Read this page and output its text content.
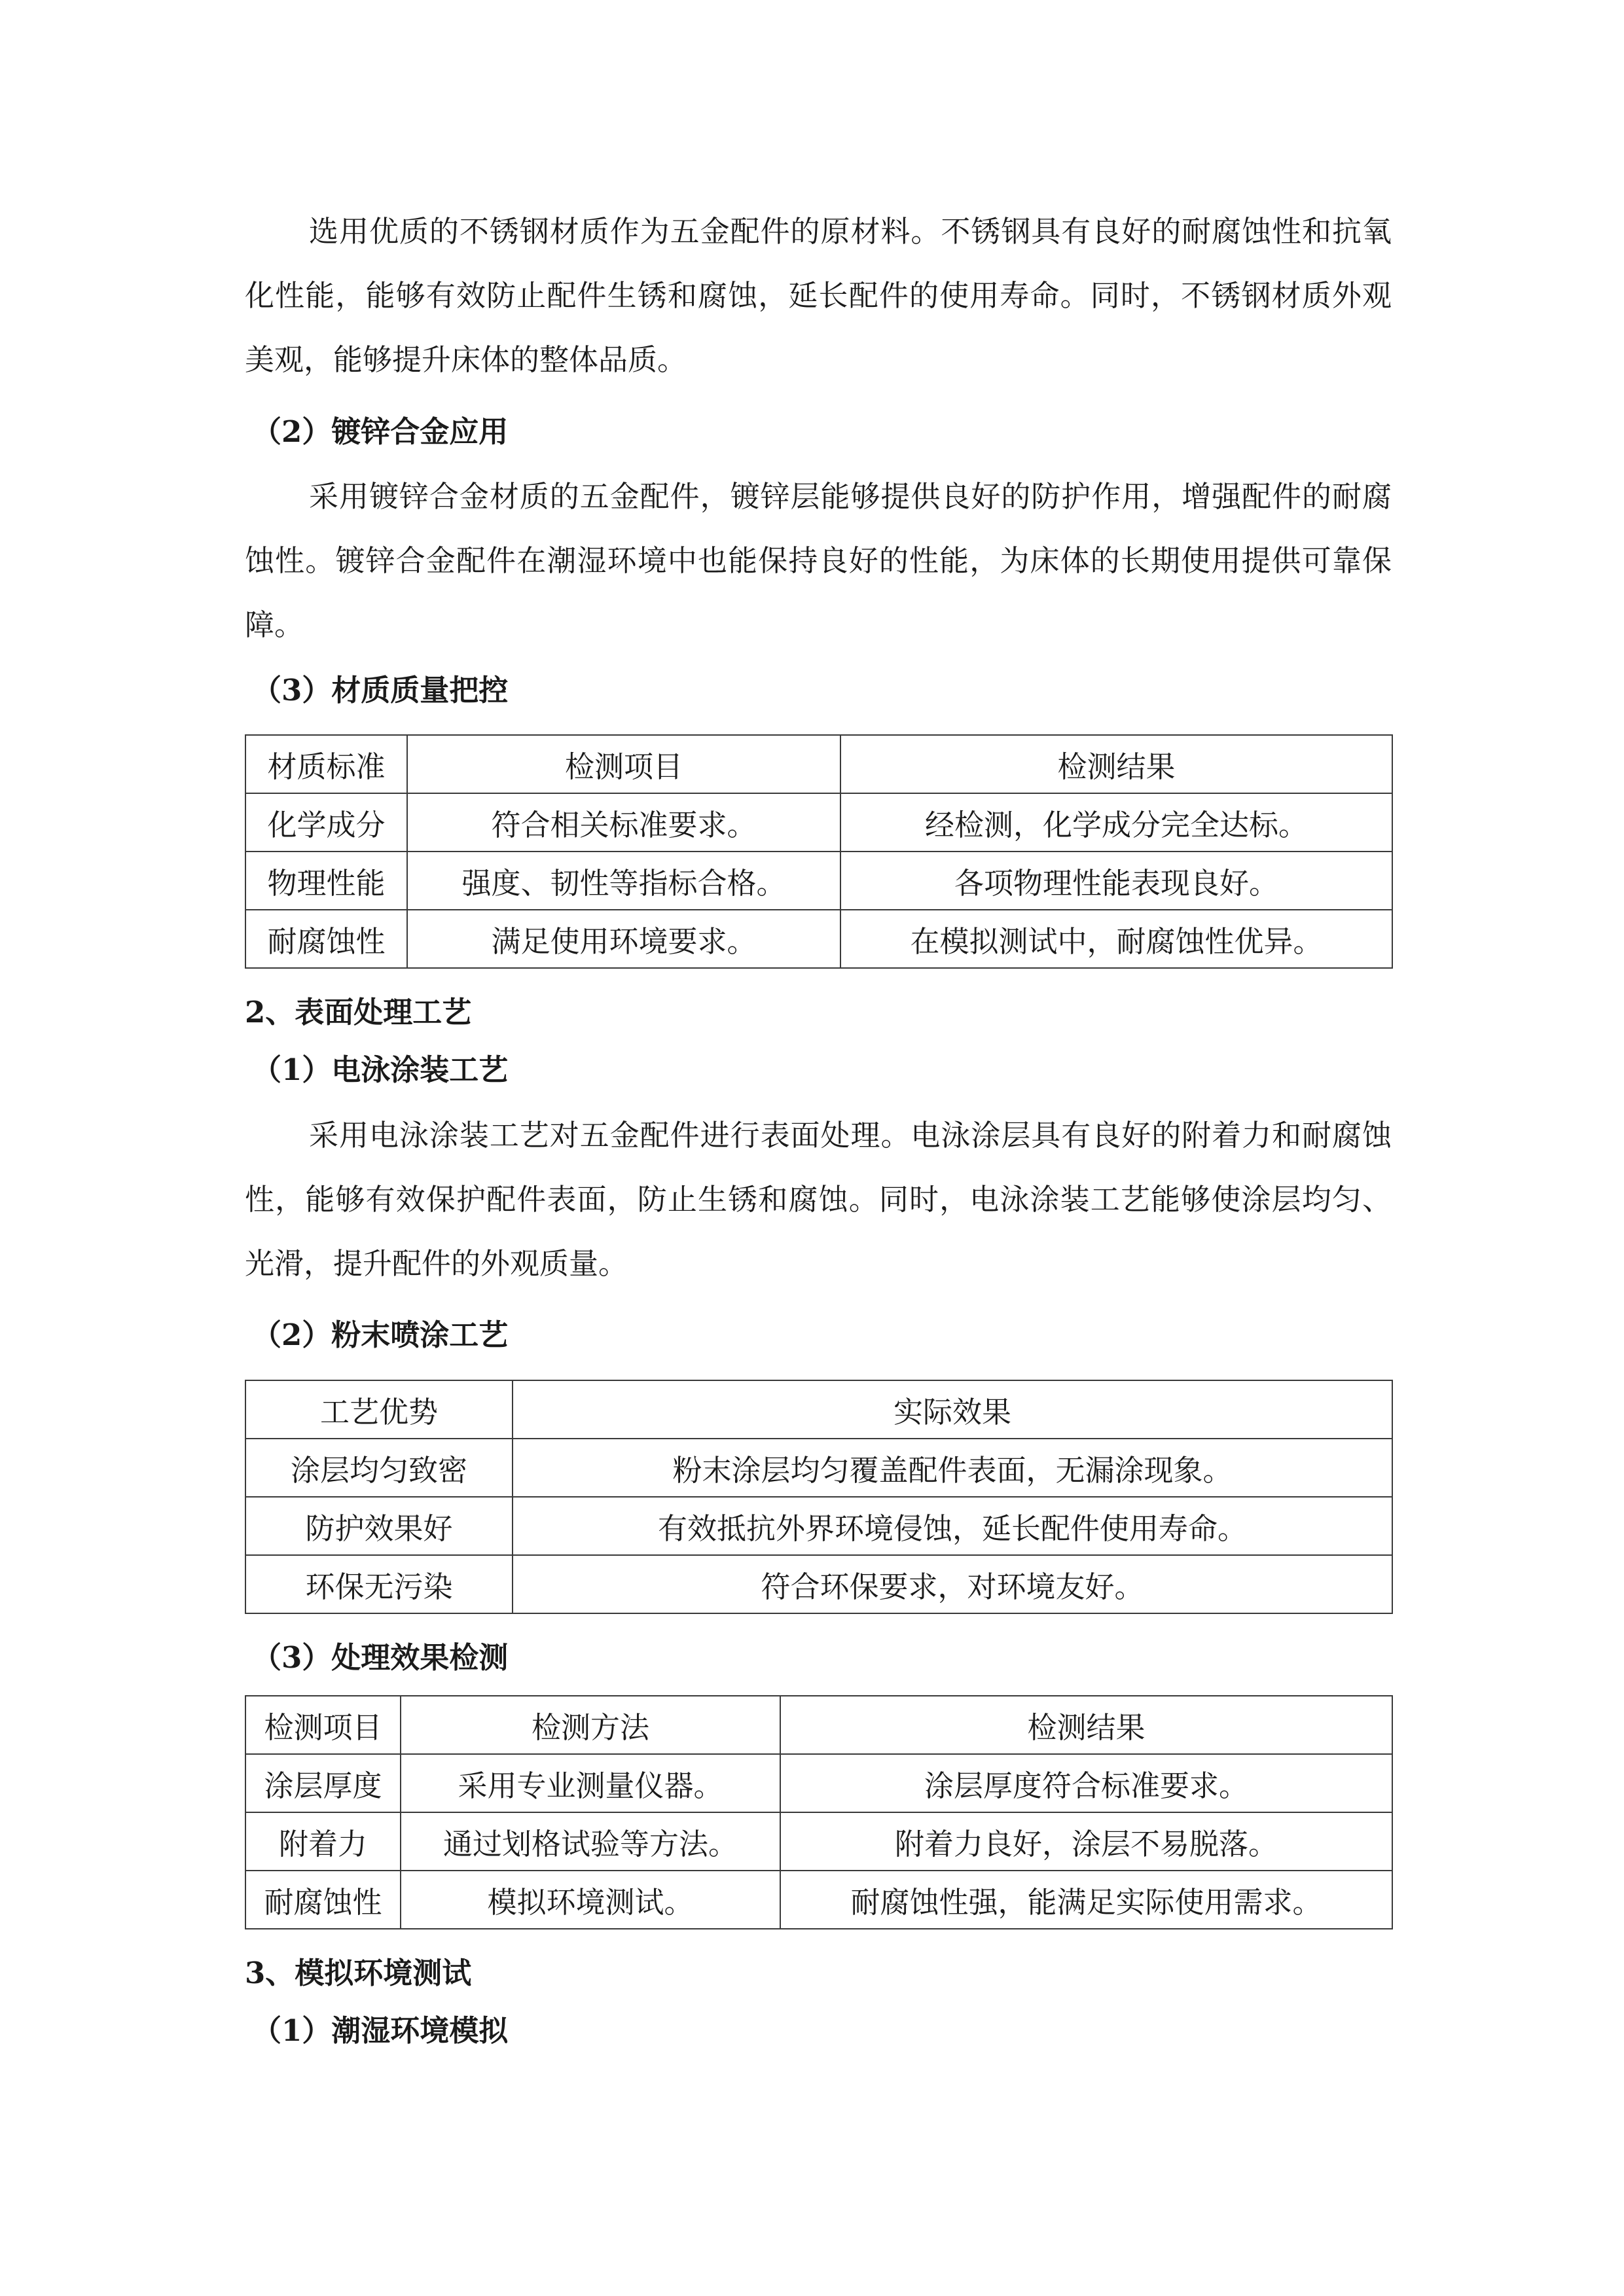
选用优质的不锈钢材质作为五金配件的原材料。不锈钢具有良好的耐腐蚀性和抗氧化性能，能够有效防止配件生锈和腐蚀，延长配件的使用寿命。同时，不锈钢材质外观美观，能够提升床体的整体品质。

（2）镀锌合金应用

采用镀锌合金材质的五金配件，镀锌层能够提供良好的防护作用，增强配件的耐腐蚀性。镀锌合金配件在潮湿环境中也能保持良好的性能，为床体的长期使用提供可靠保障。

（3）材质质量把控
材质标准	检测项目	检测结果
化学成分	符合相关标准要求。	经检测，化学成分完全达标。
物理性能	强度、韧性等指标合格。	各项物理性能表现良好。
耐腐蚀性	满足使用环境要求。	在模拟测试中，耐腐蚀性优异。
2、表面处理工艺
（1）电泳涂装工艺

采用电泳涂装工艺对五金配件进行表面处理。电泳涂层具有良好的附着力和耐腐蚀性，能够有效保护配件表面，防止生锈和腐蚀。同时，电泳涂装工艺能够使涂层均匀、光滑，提升配件的外观质量。

（2）粉末喷涂工艺
工艺优势	实际效果
涂层均匀致密	粉末涂层均匀覆盖配件表面，无漏涂现象。
防护效果好	有效抵抗外界环境侵蚀，延长配件使用寿命。
环保无污染	符合环保要求，对环境友好。
（3）处理效果检测
检测项目	检测方法	检测结果
涂层厚度	采用专业测量仪器。	涂层厚度符合标准要求。
附着力	通过划格试验等方法。	附着力良好，涂层不易脱落。
耐腐蚀性	模拟环境测试。	耐腐蚀性强，能满足实际使用需求。
3、模拟环境测试
（1）潮湿环境模拟
